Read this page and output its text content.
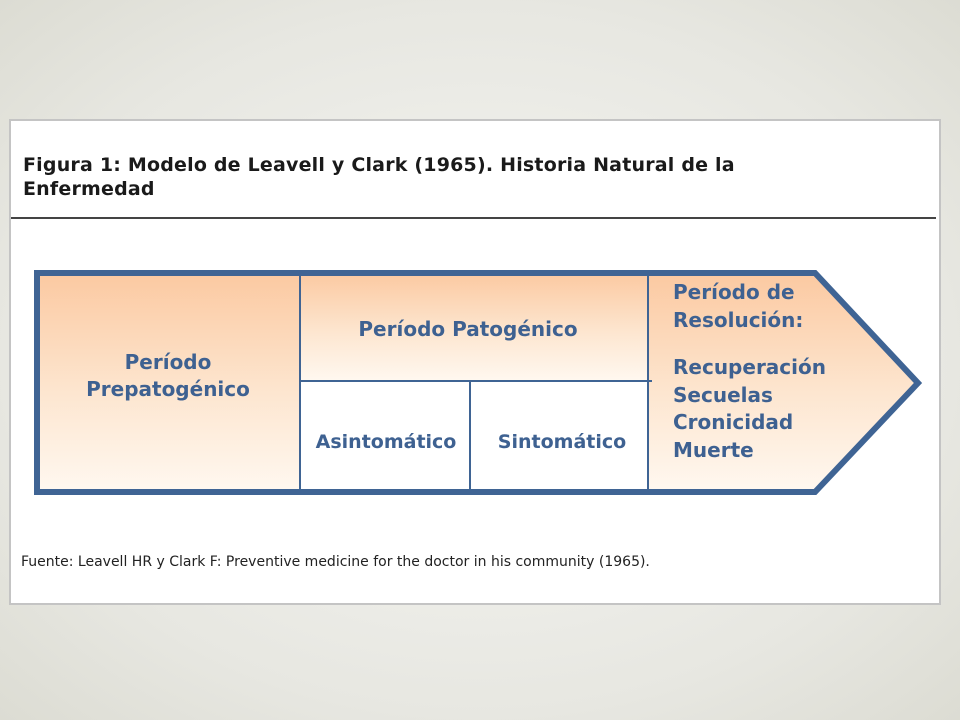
Figura 1: Modelo de Leavell y Clark (1965). Historia Natural de la
Enfermedad
Fuente: Leavell HR y Clark F: Preventive medicine for the doctor in his community (1965).
Período
Prepatogénico
Período Patogénico
Asintomático Sintomático
Período de
Resolución:
Recuperación
Secuelas
Cronicidad
Muerte
